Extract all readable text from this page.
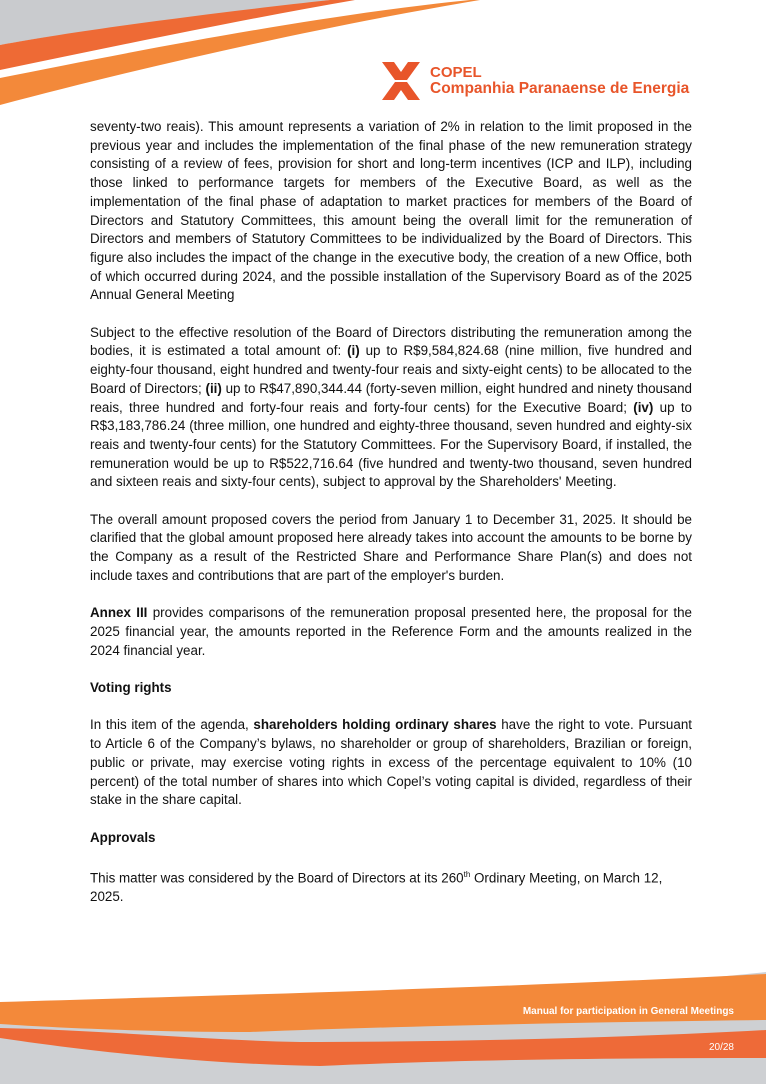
COPEL
Companhia Paranaense de Energia

seventy-two reais). This amount represents a variation of 2% in relation to the limit proposed in the previous year and includes the implementation of the final phase of the new remuneration strategy consisting of a review of fees, provision for short and long-term incentives (ICP and ILP), including those linked to performance targets for members of the Executive Board, as well as the implementation of the final phase of adaptation to market practices for members of the Board of Directors and Statutory Committees, this amount being the overall limit for the remuneration of Directors and members of Statutory Committees to be individualized by the Board of Directors. This figure also includes the impact of the change in the executive body, the creation of a new Office, both of which occurred during 2024, and the possible installation of the Supervisory Board as of the 2025 Annual General Meeting

Subject to the effective resolution of the Board of Directors distributing the remuneration among the bodies, it is estimated a total amount of: (i) up to R$9,584,824.68 (nine million, five hundred and eighty-four thousand, eight hundred and twenty-four reais and sixty-eight cents) to be allocated to the Board of Directors; (ii) up to R$47,890,344.44 (forty-seven million, eight hundred and ninety thousand reais, three hundred and forty-four reais and forty-four cents) for the Executive Board; (iv) up to R$3,183,786.24 (three million, one hundred and eighty-three thousand, seven hundred and eighty-six reais and twenty-four cents) for the Statutory Committees. For the Supervisory Board, if installed, the remuneration would be up to R$522,716.64 (five hundred and twenty-two thousand, seven hundred and sixteen reais and sixty-four cents), subject to approval by the Shareholders' Meeting.

The overall amount proposed covers the period from January 1 to December 31, 2025. It should be clarified that the global amount proposed here already takes into account the amounts to be borne by the Company as a result of the Restricted Share and Performance Share Plan(s) and does not include taxes and contributions that are part of the employer's burden.

Annex III provides comparisons of the remuneration proposal presented here, the proposal for the 2025 financial year, the amounts reported in the Reference Form and the amounts realized in the 2024 financial year.

Voting rights

In this item of the agenda, shareholders holding ordinary shares have the right to vote. Pursuant to Article 6 of the Company’s bylaws, no shareholder or group of shareholders, Brazilian or foreign, public or private, may exercise voting rights in excess of the percentage equivalent to 10% (10 percent) of the total number of shares into which Copel’s voting capital is divided, regardless of their stake in the share capital.

Approvals

This matter was considered by the Board of Directors at its 260th Ordinary Meeting, on March 12, 2025.

Manual for participation in General Meetings
20/28
